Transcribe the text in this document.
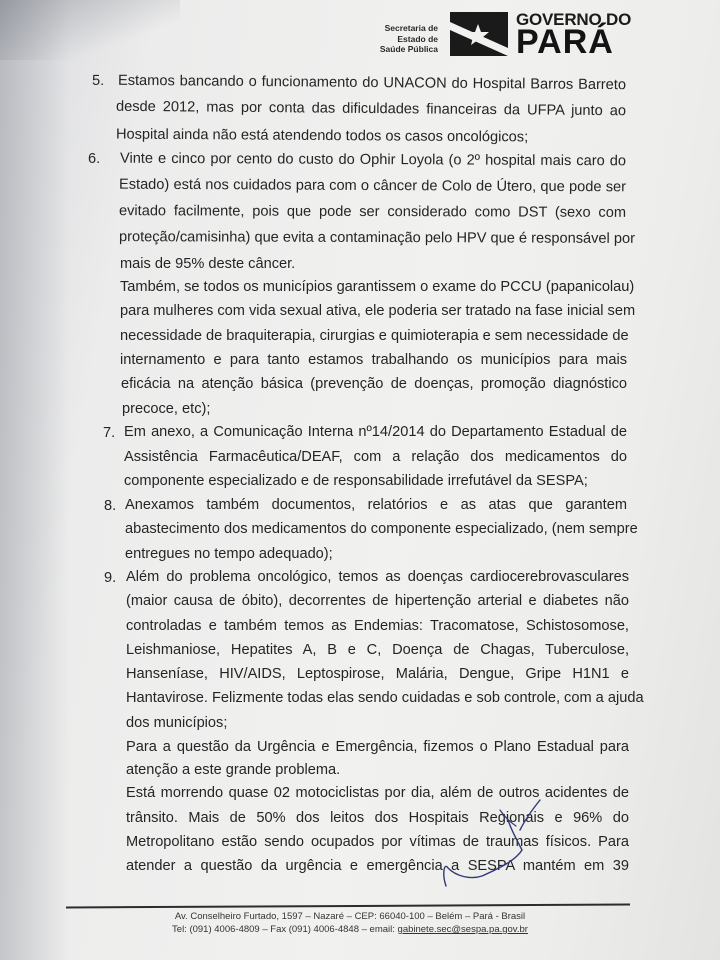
Secretaria de
Estado de
Saúde Pública
GOVERNO DO
PARÁ
5. Estamos bancando o funcionamento do UNACON do Hospital Barros Barreto
desde 2012, mas por conta das dificuldades financeiras da UFPA junto ao
Hospital ainda não está atendendo todos os casos oncológicos;
6. Vinte e cinco por cento do custo do Ophir Loyola (o 2º hospital mais caro do
Estado) está nos cuidados para com o câncer de Colo de Útero, que pode ser
evitado facilmente, pois que pode ser considerado como DST (sexo com
proteção/camisinha) que evita a contaminação pelo HPV que é responsável por
mais de 95% deste câncer.
Também, se todos os municípios garantissem o exame do PCCU (papanicolau)
para mulheres com vida sexual ativa, ele poderia ser tratado na fase inicial sem
necessidade de braquiterapia, cirurgias e quimioterapia e sem necessidade de
internamento e para tanto estamos trabalhando os municípios para mais
eficácia na atenção básica (prevenção de doenças, promoção diagnóstico
precoce, etc);
7. Em anexo, a Comunicação Interna nº14/2014 do Departamento Estadual de
Assistência Farmacêutica/DEAF, com a relação dos medicamentos do
componente especializado e de responsabilidade irrefutável da SESPA;
8. Anexamos também documentos, relatórios e as atas que garantem
abastecimento dos medicamentos do componente especializado, (nem sempre
entregues no tempo adequado);
9. Além do problema oncológico, temos as doenças cardiocerebrovasculares
(maior causa de óbito), decorrentes de hipertenção arterial e diabetes não
controladas e também temos as Endemias: Tracomatose, Schistosomose,
Leishmaniose, Hepatites A, B e C, Doença de Chagas, Tuberculose,
Hanseníase, HIV/AIDS, Leptospirose, Malária, Dengue, Gripe H1N1 e
Hantavirose. Felizmente todas elas sendo cuidadas e sob controle, com a ajuda
dos municípios;
Para a questão da Urgência e Emergência, fizemos o Plano Estadual para
atenção a este grande problema.
Está morrendo quase 02 motociclistas por dia, além de outros acidentes de
trânsito. Mais de 50% dos leitos dos Hospitais Regionais e 96% do
Metropolitano estão sendo ocupados por vítimas de traumas físicos. Para
atender a questão da urgência e emergência a SESPA mantém em 39
Av. Conselheiro Furtado, 1597 – Nazaré – CEP: 66040-100 – Belém – Pará - Brasil
Tel: (091) 4006-4809 – Fax (091) 4006-4848 – email: gabinete.sec@sespa.pa.gov.br
